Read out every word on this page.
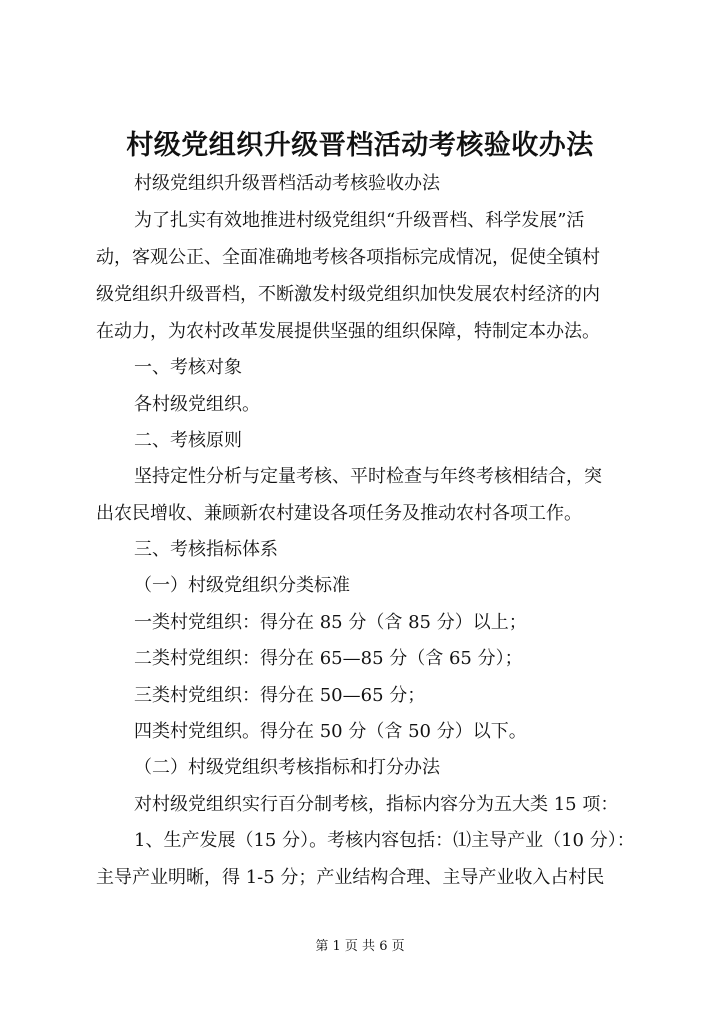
村级党组织升级晋档活动考核验收办法
村级党组织升级晋档活动考核验收办法
为了扎实有效地推进村级党组织“升级晋档、科学发展”活
动，客观公正、全面准确地考核各项指标完成情况，促使全镇村
级党组织升级晋档，不断激发村级党组织加快发展农村经济的内
在动力，为农村改革发展提供坚强的组织保障，特制定本办法。
一、考核对象
各村级党组织。
二、考核原则
坚持定性分析与定量考核、平时检查与年终考核相结合，突
出农民增收、兼顾新农村建设各项任务及推动农村各项工作。
三、考核指标体系
（一）村级党组织分类标准
一类村党组织：得分在 85 分（含 85 分）以上；
二类村党组织：得分在 65—85 分（含 65 分）；
三类村党组织：得分在 50—65 分；
四类村党组织。得分在 50 分（含 50 分）以下。
（二）村级党组织考核指标和打分办法
对村级党组织实行百分制考核，指标内容分为五大类 15 项：
1、生产发展（15 分）。考核内容包括：⑴主导产业（10 分）：
主导产业明晰，得 1-5 分；产业结构合理、主导产业收入占村民
第 1 页 共 6 页
